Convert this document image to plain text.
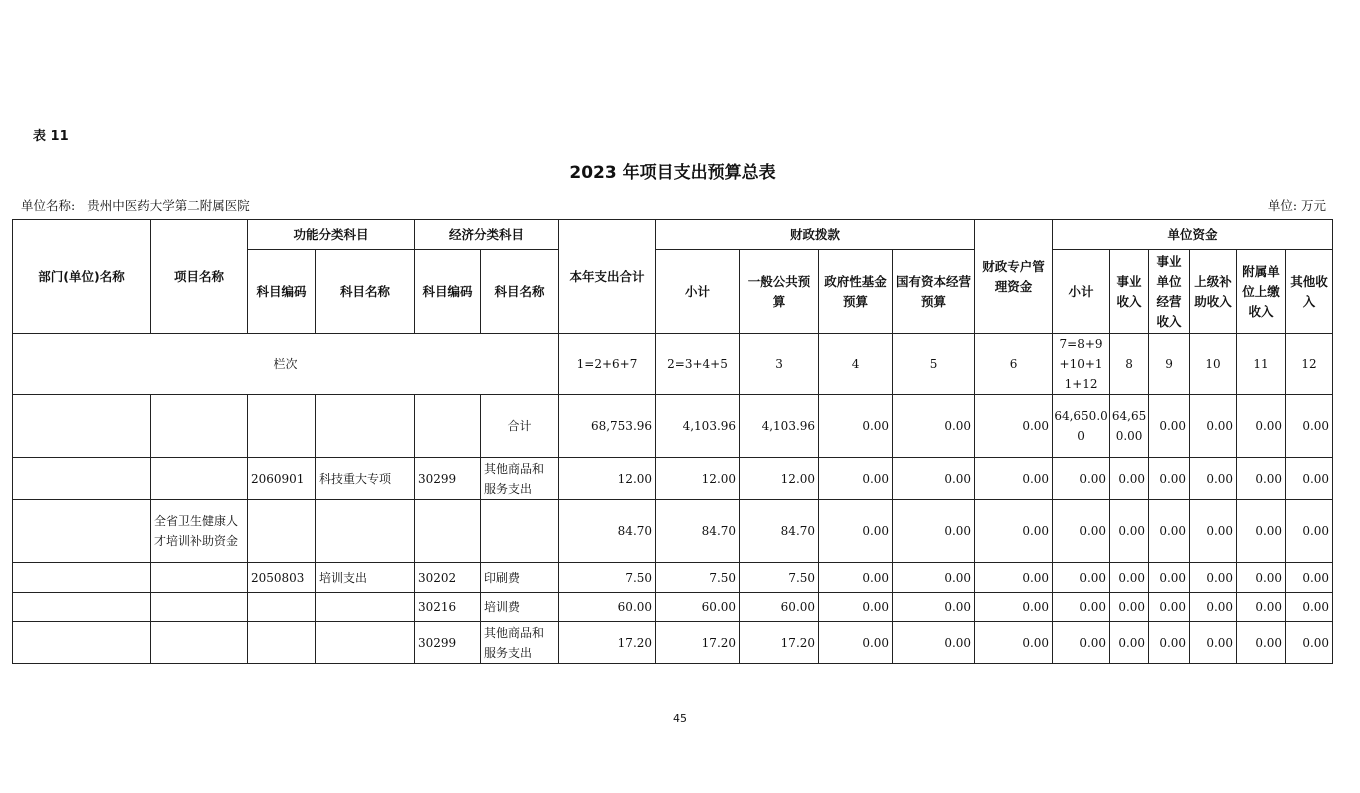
表 11
2023 年项目支出预算总表
单位名称: 贵州中医药大学第二附属医院	单位: 万元
部门(单位)名称	项目名称	功能分类科目		经济分类科目		本年支出合计	财政拨款				财政专户管理资金	单位资金					
		科目编码	科目名称	科目编码	科目名称		小计	一般公共预算	政府性基金预算	国有资本经营预算		小计	事业收入	事业单位经营收入	上级补助收入	附属单位上缴收入	其他收入
栏次						1=2+6+7	2=3+4+5	3	4	5	6	7=8+9+10+11+12	8	9	10	11	12
					合计	68,753.96	4,103.96	4,103.96	0.00	0.00	0.00	64,650.00	64,650.00	0.00	0.00	0.00	0.00
		2060901	科技重大专项	30299	其他商品和服务支出	12.00	12.00	12.00	0.00	0.00	0.00	0.00	0.00	0.00	0.00	0.00	0.00
	全省卫生健康人才培训补助资金					84.70	84.70	84.70	0.00	0.00	0.00	0.00	0.00	0.00	0.00	0.00	0.00
		2050803	培训支出	30202	印刷费	7.50	7.50	7.50	0.00	0.00	0.00	0.00	0.00	0.00	0.00	0.00	0.00
				30216	培训费	60.00	60.00	60.00	0.00	0.00	0.00	0.00	0.00	0.00	0.00	0.00	0.00
				30299	其他商品和服务支出	17.20	17.20	17.20	0.00	0.00	0.00	0.00	0.00	0.00	0.00	0.00	0.00
45
